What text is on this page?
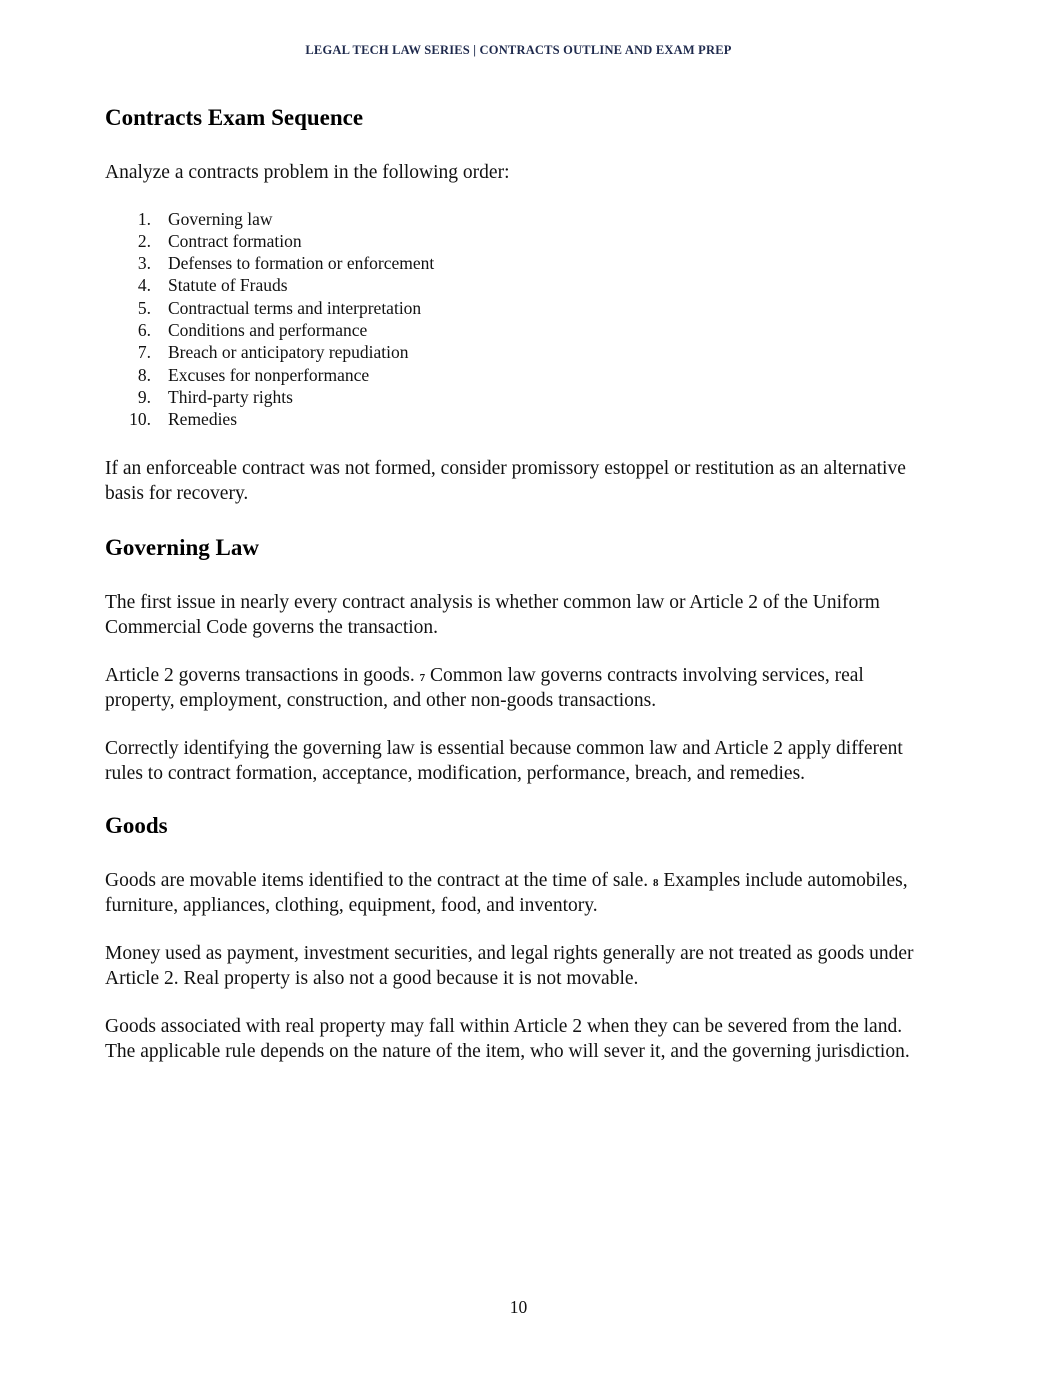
LEGAL TECH LAW SERIES | CONTRACTS OUTLINE AND EXAM PREP
Contracts Exam Sequence

Analyze a contracts problem in the following order:

1. Governing law
2. Contract formation
3. Defenses to formation or enforcement
4. Statute of Frauds
5. Contractual terms and interpretation
6. Conditions and performance
7. Breach or anticipatory repudiation
8. Excuses for nonperformance
9. Third-party rights
10. Remedies

If an enforceable contract was not formed, consider promissory estoppel or restitution as an alternative basis for recovery.

Governing Law

The first issue in nearly every contract analysis is whether common law or Article 2 of the Uniform Commercial Code governs the transaction.

Article 2 governs transactions in goods. $^7$ Common law governs contracts involving services, real property, employment, construction, and other non-goods transactions.

Correctly identifying the governing law is essential because common law and Article 2 apply different rules to contract formation, acceptance, modification, performance, breach, and remedies.

Goods

Goods are movable items identified to the contract at the time of sale. $^8$ Examples include automobiles, furniture, appliances, clothing, equipment, food, and inventory.

Money used as payment, investment securities, and legal rights generally are not treated as goods under Article 2. Real property is also not a good because it is not movable.

Goods associated with real property may fall within Article 2 when they can be severed from the land. The applicable rule depends on the nature of the item, who will sever it, and the governing jurisdiction.

10
